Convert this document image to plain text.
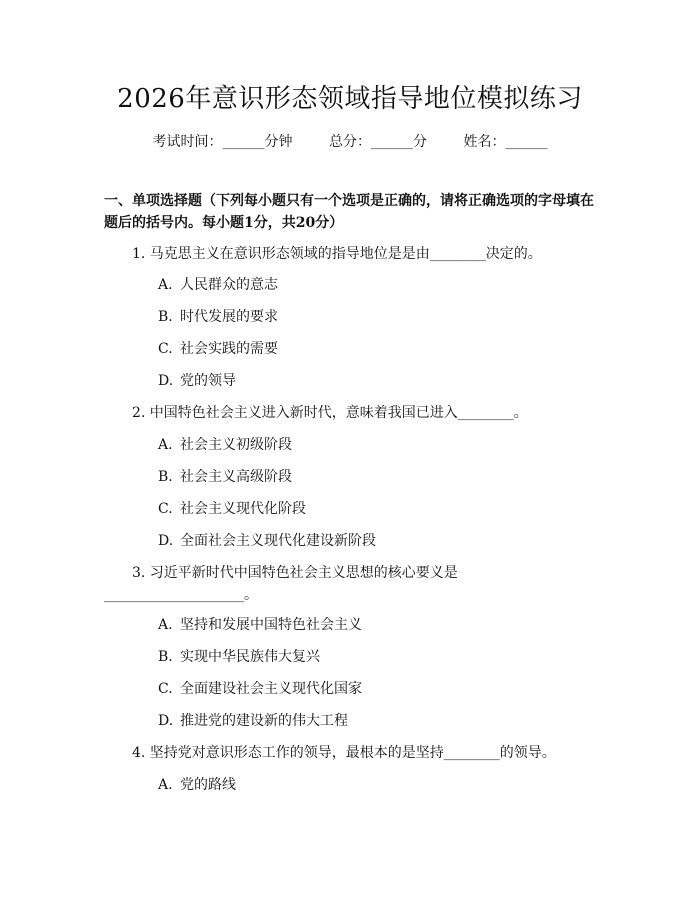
2026年意识形态领域指导地位模拟练习
考试时间：______分钟	总分：______分	姓名：______
一、单项选择题（下列每小题只有一个选项是正确的，请将正确选项的字母填在题后的括号内。每小题1分，共20分）
1. 马克思主义在意识形态领域的指导地位是是由________决定的。
A. 人民群众的意志
B. 时代发展的要求
C. 社会实践的需要
D. 党的领导
2. 中国特色社会主义进入新时代，意味着我国已进入________。
A. 社会主义初级阶段
B. 社会主义高级阶段
C. 社会主义现代化阶段
D. 全面社会主义现代化建设新阶段
3. 习近平新时代中国特色社会主义思想的核心要义是
____________________。
A. 坚持和发展中国特色社会主义
B. 实现中华民族伟大复兴
C. 全面建设社会主义现代化国家
D. 推进党的建设新的伟大工程
4. 坚持党对意识形态工作的领导，最根本的是坚持________的领导。
A. 党的路线
